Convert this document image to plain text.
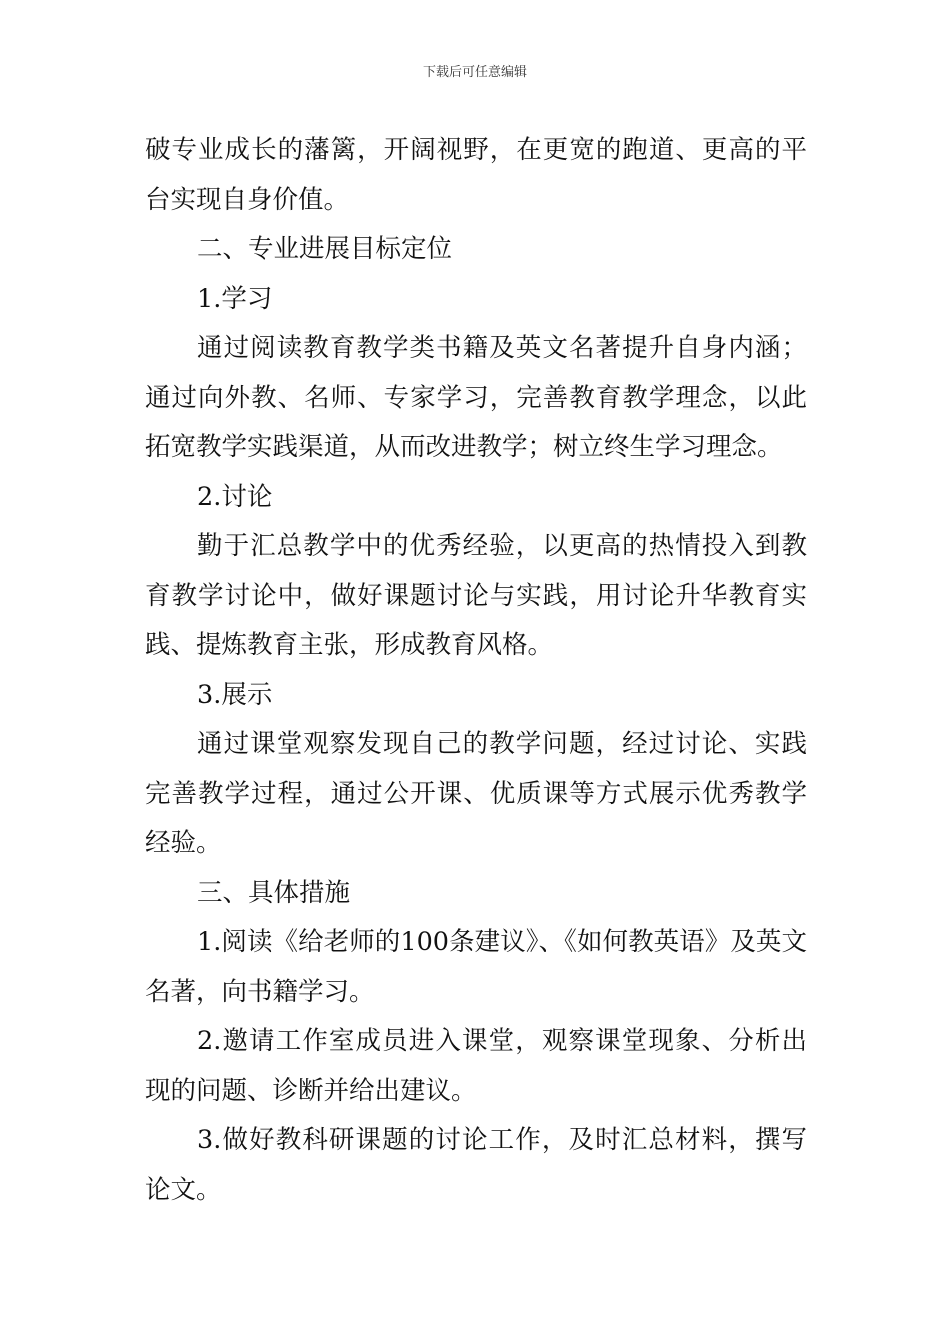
下载后可任意编辑

破专业成长的藩篱，开阔视野，在更宽的跑道、更高的平台实现自身价值。

二、专业进展目标定位

1.学习

通过阅读教育教学类书籍及英文名著提升自身内涵；通过向外教、名师、专家学习，完善教育教学理念，以此拓宽教学实践渠道，从而改进教学；树立终生学习理念。

2.讨论

勤于汇总教学中的优秀经验，以更高的热情投入到教育教学讨论中，做好课题讨论与实践，用讨论升华教育实践、提炼教育主张，形成教育风格。

3.展示

通过课堂观察发现自己的教学问题，经过讨论、实践完善教学过程，通过公开课、优质课等方式展示优秀教学经验。

三、具体措施

1.阅读《给老师的100条建议》、《如何教英语》及英文名著，向书籍学习。

2.邀请工作室成员进入课堂，观察课堂现象、分析出现的问题、诊断并给出建议。

3.做好教科研课题的讨论工作，及时汇总材料，撰写论文。
